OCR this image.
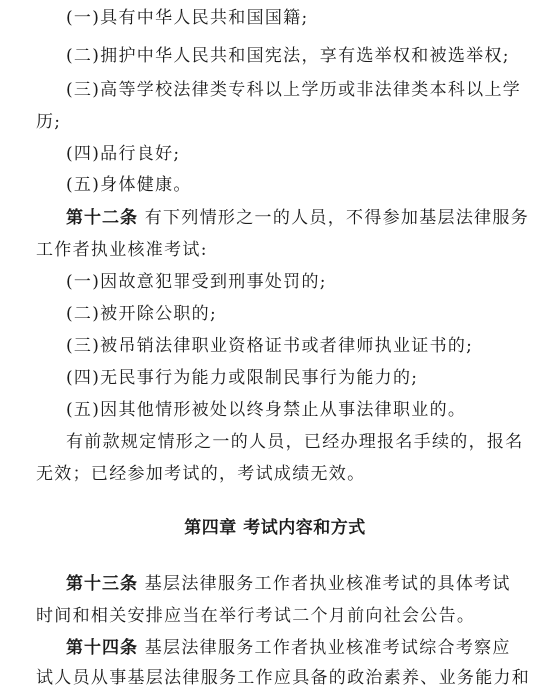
(一)具有中华人民共和国国籍;
(二)拥护中华人民共和国宪法，享有选举权和被选举权;
(三)高等学校法律类专科以上学历或非法律类本科以上学
历;
(四)品行良好;
(五)身体健康。
第十二条 有下列情形之一的人员，不得参加基层法律服务
工作者执业核准考试:
(一)因故意犯罪受到刑事处罚的;
(二)被开除公职的;
(三)被吊销法律职业资格证书或者律师执业证书的;
(四)无民事行为能力或限制民事行为能力的;
(五)因其他情形被处以终身禁止从事法律职业的。
有前款规定情形之一的人员，已经办理报名手续的，报名
无效；已经参加考试的，考试成绩无效。
第四章 考试内容和方式
第十三条 基层法律服务工作者执业核准考试的具体考试
时间和相关安排应当在举行考试二个月前向社会公告。
第十四条 基层法律服务工作者执业核准考试综合考察应
试人员从事基层法律服务工作应具备的政治素养、业务能力和
